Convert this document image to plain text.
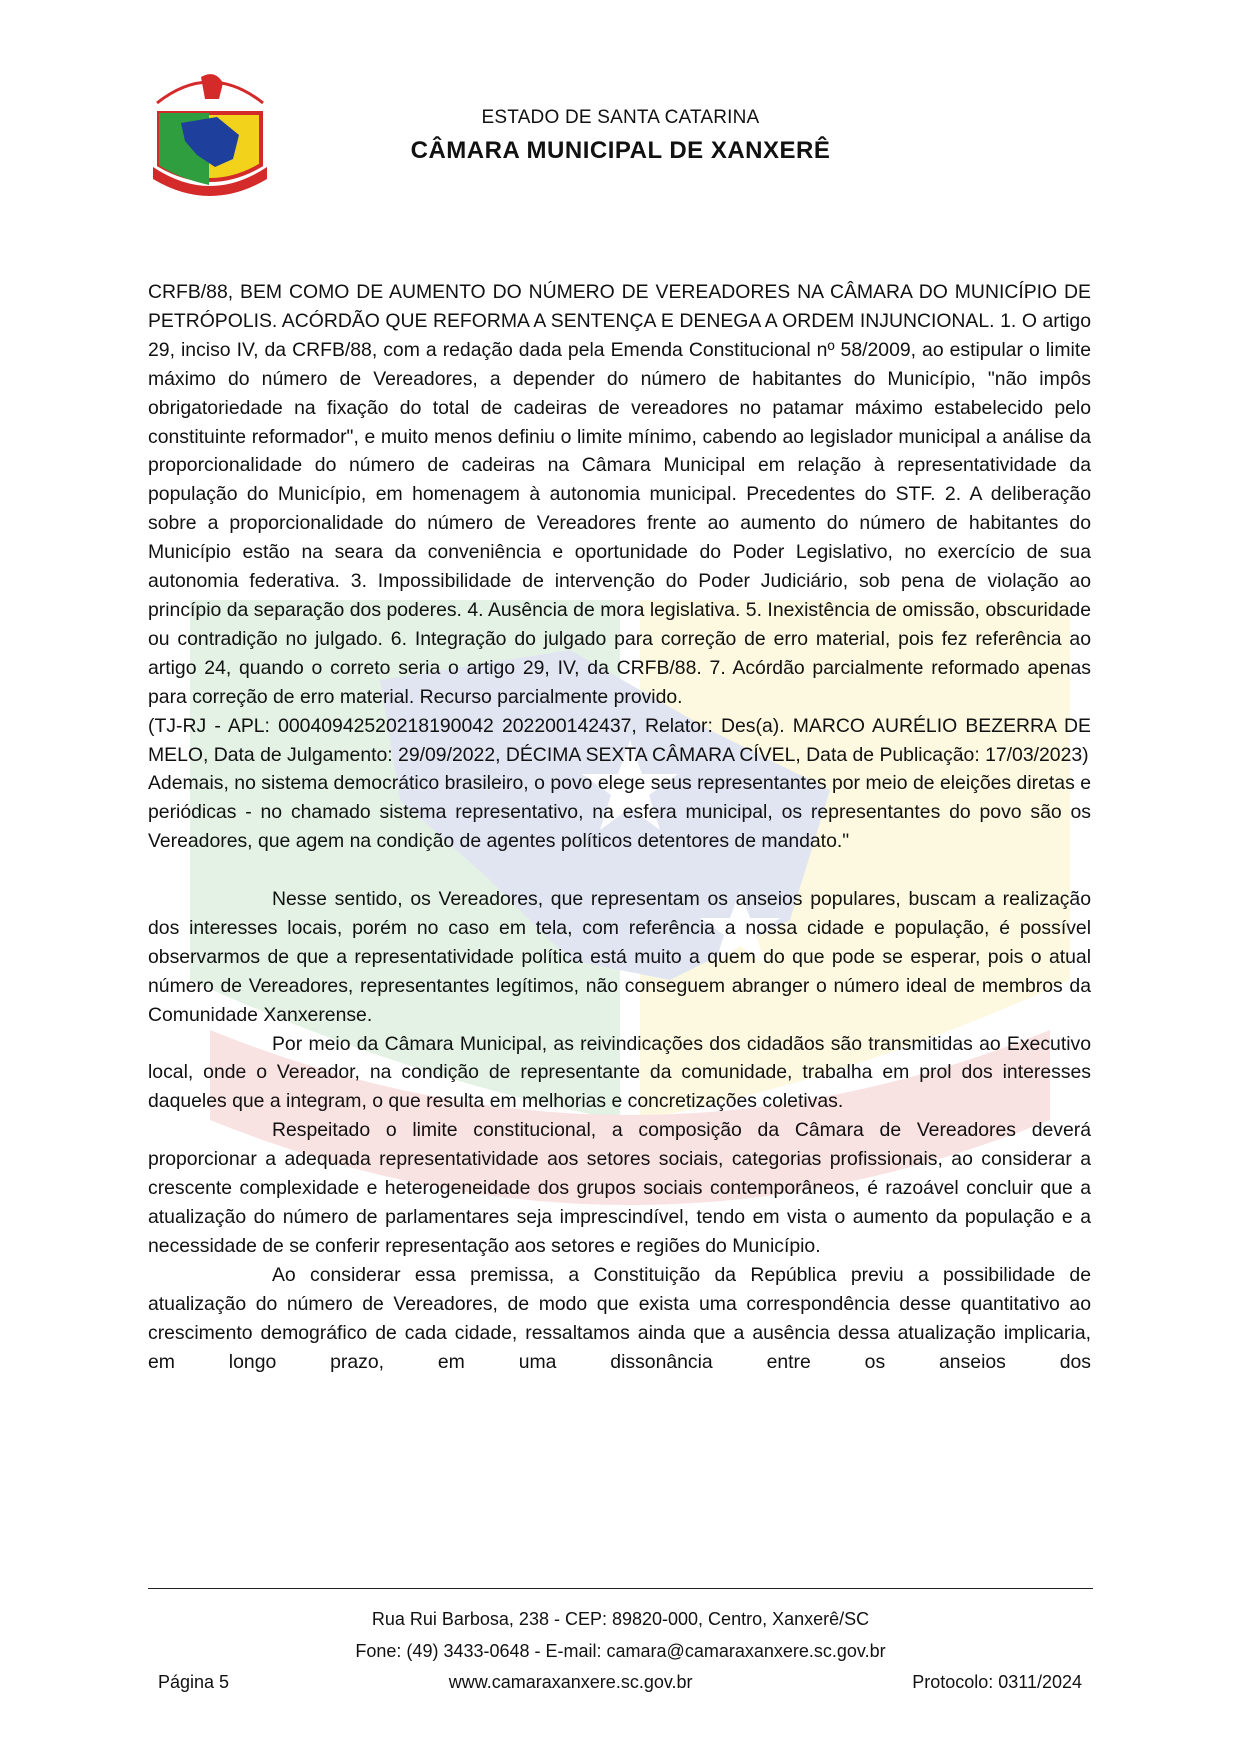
ESTADO DE SANTA CATARINA
CÂMARA MUNICIPAL DE XANXERÊ

CRFB/88, BEM COMO DE AUMENTO DO NÚMERO DE VEREADORES NA CÂMARA DO MUNICÍPIO DE PETRÓPOLIS. ACÓRDÃO QUE REFORMA A SENTENÇA E DENEGA A ORDEM INJUNCIONAL. 1. O artigo 29, inciso IV, da CRFB/88, com a redação dada pela Emenda Constitucional nº 58/2009, ao estipular o limite máximo do número de Vereadores, a depender do número de habitantes do Município, "não impôs obrigatoriedade na fixação do total de cadeiras de vereadores no patamar máximo estabelecido pelo constituinte reformador", e muito menos definiu o limite mínimo, cabendo ao legislador municipal a análise da proporcionalidade do número de cadeiras na Câmara Municipal em relação à representatividade da população do Município, em homenagem à autonomia municipal. Precedentes do STF. 2. A deliberação sobre a proporcionalidade do número de Vereadores frente ao aumento do número de habitantes do Município estão na seara da conveniência e oportunidade do Poder Legislativo, no exercício de sua autonomia federativa. 3. Impossibilidade de intervenção do Poder Judiciário, sob pena de violação ao princípio da separação dos poderes. 4. Ausência de mora legislativa. 5. Inexistência de omissão, obscuridade ou contradição no julgado. 6. Integração do julgado para correção de erro material, pois fez referência ao artigo 24, quando o correto seria o artigo 29, IV, da CRFB/88. 7. Acórdão parcialmente reformado apenas para correção de erro material. Recurso parcialmente provido.

(TJ-RJ - APL: 00040942520218190042 202200142437, Relator: Des(a). MARCO AURÉLIO BEZERRA DE MELO, Data de Julgamento: 29/09/2022, DÉCIMA SEXTA CÂMARA CÍVEL, Data de Publicação: 17/03/2023)

Ademais, no sistema democrático brasileiro, o povo elege seus representantes por meio de eleições diretas e periódicas - no chamado sistema representativo, na esfera municipal, os representantes do povo são os Vereadores, que agem na condição de agentes políticos detentores de mandato."

Nesse sentido, os Vereadores, que representam os anseios populares, buscam a realização dos interesses locais, porém no caso em tela, com referência a nossa cidade e população, é possível observarmos de que a representatividade política está muito a quem do que pode se esperar, pois o atual número de Vereadores, representantes legítimos, não conseguem abranger o número ideal de membros da Comunidade Xanxerense.

Por meio da Câmara Municipal, as reivindicações dos cidadãos são transmitidas ao Executivo local, onde o Vereador, na condição de representante da comunidade, trabalha em prol dos interesses daqueles que a integram, o que resulta em melhorias e concretizações coletivas.

Respeitado o limite constitucional, a composição da Câmara de Vereadores deverá proporcionar a adequada representatividade aos setores sociais, categorias profissionais, ao considerar a crescente complexidade e heterogeneidade dos grupos sociais contemporâneos, é razoável concluir que a atualização do número de parlamentares seja imprescindível, tendo em vista o aumento da população e a necessidade de se conferir representação aos setores e regiões do Município.

Ao considerar essa premissa, a Constituição da República previu a possibilidade de atualização do número de Vereadores, de modo que exista uma correspondência desse quantitativo ao crescimento demográfico de cada cidade, ressaltamos ainda que a ausência dessa atualização implicaria, em longo prazo, em uma dissonância entre os anseios dos

Rua Rui Barbosa, 238 - CEP: 89820-000, Centro, Xanxerê/SC
Fone: (49) 3433-0648 - E-mail: camara@camaraxanxere.sc.gov.br
Página 5	www.camaraxanxere.sc.gov.br	Protocolo: 0311/2024
